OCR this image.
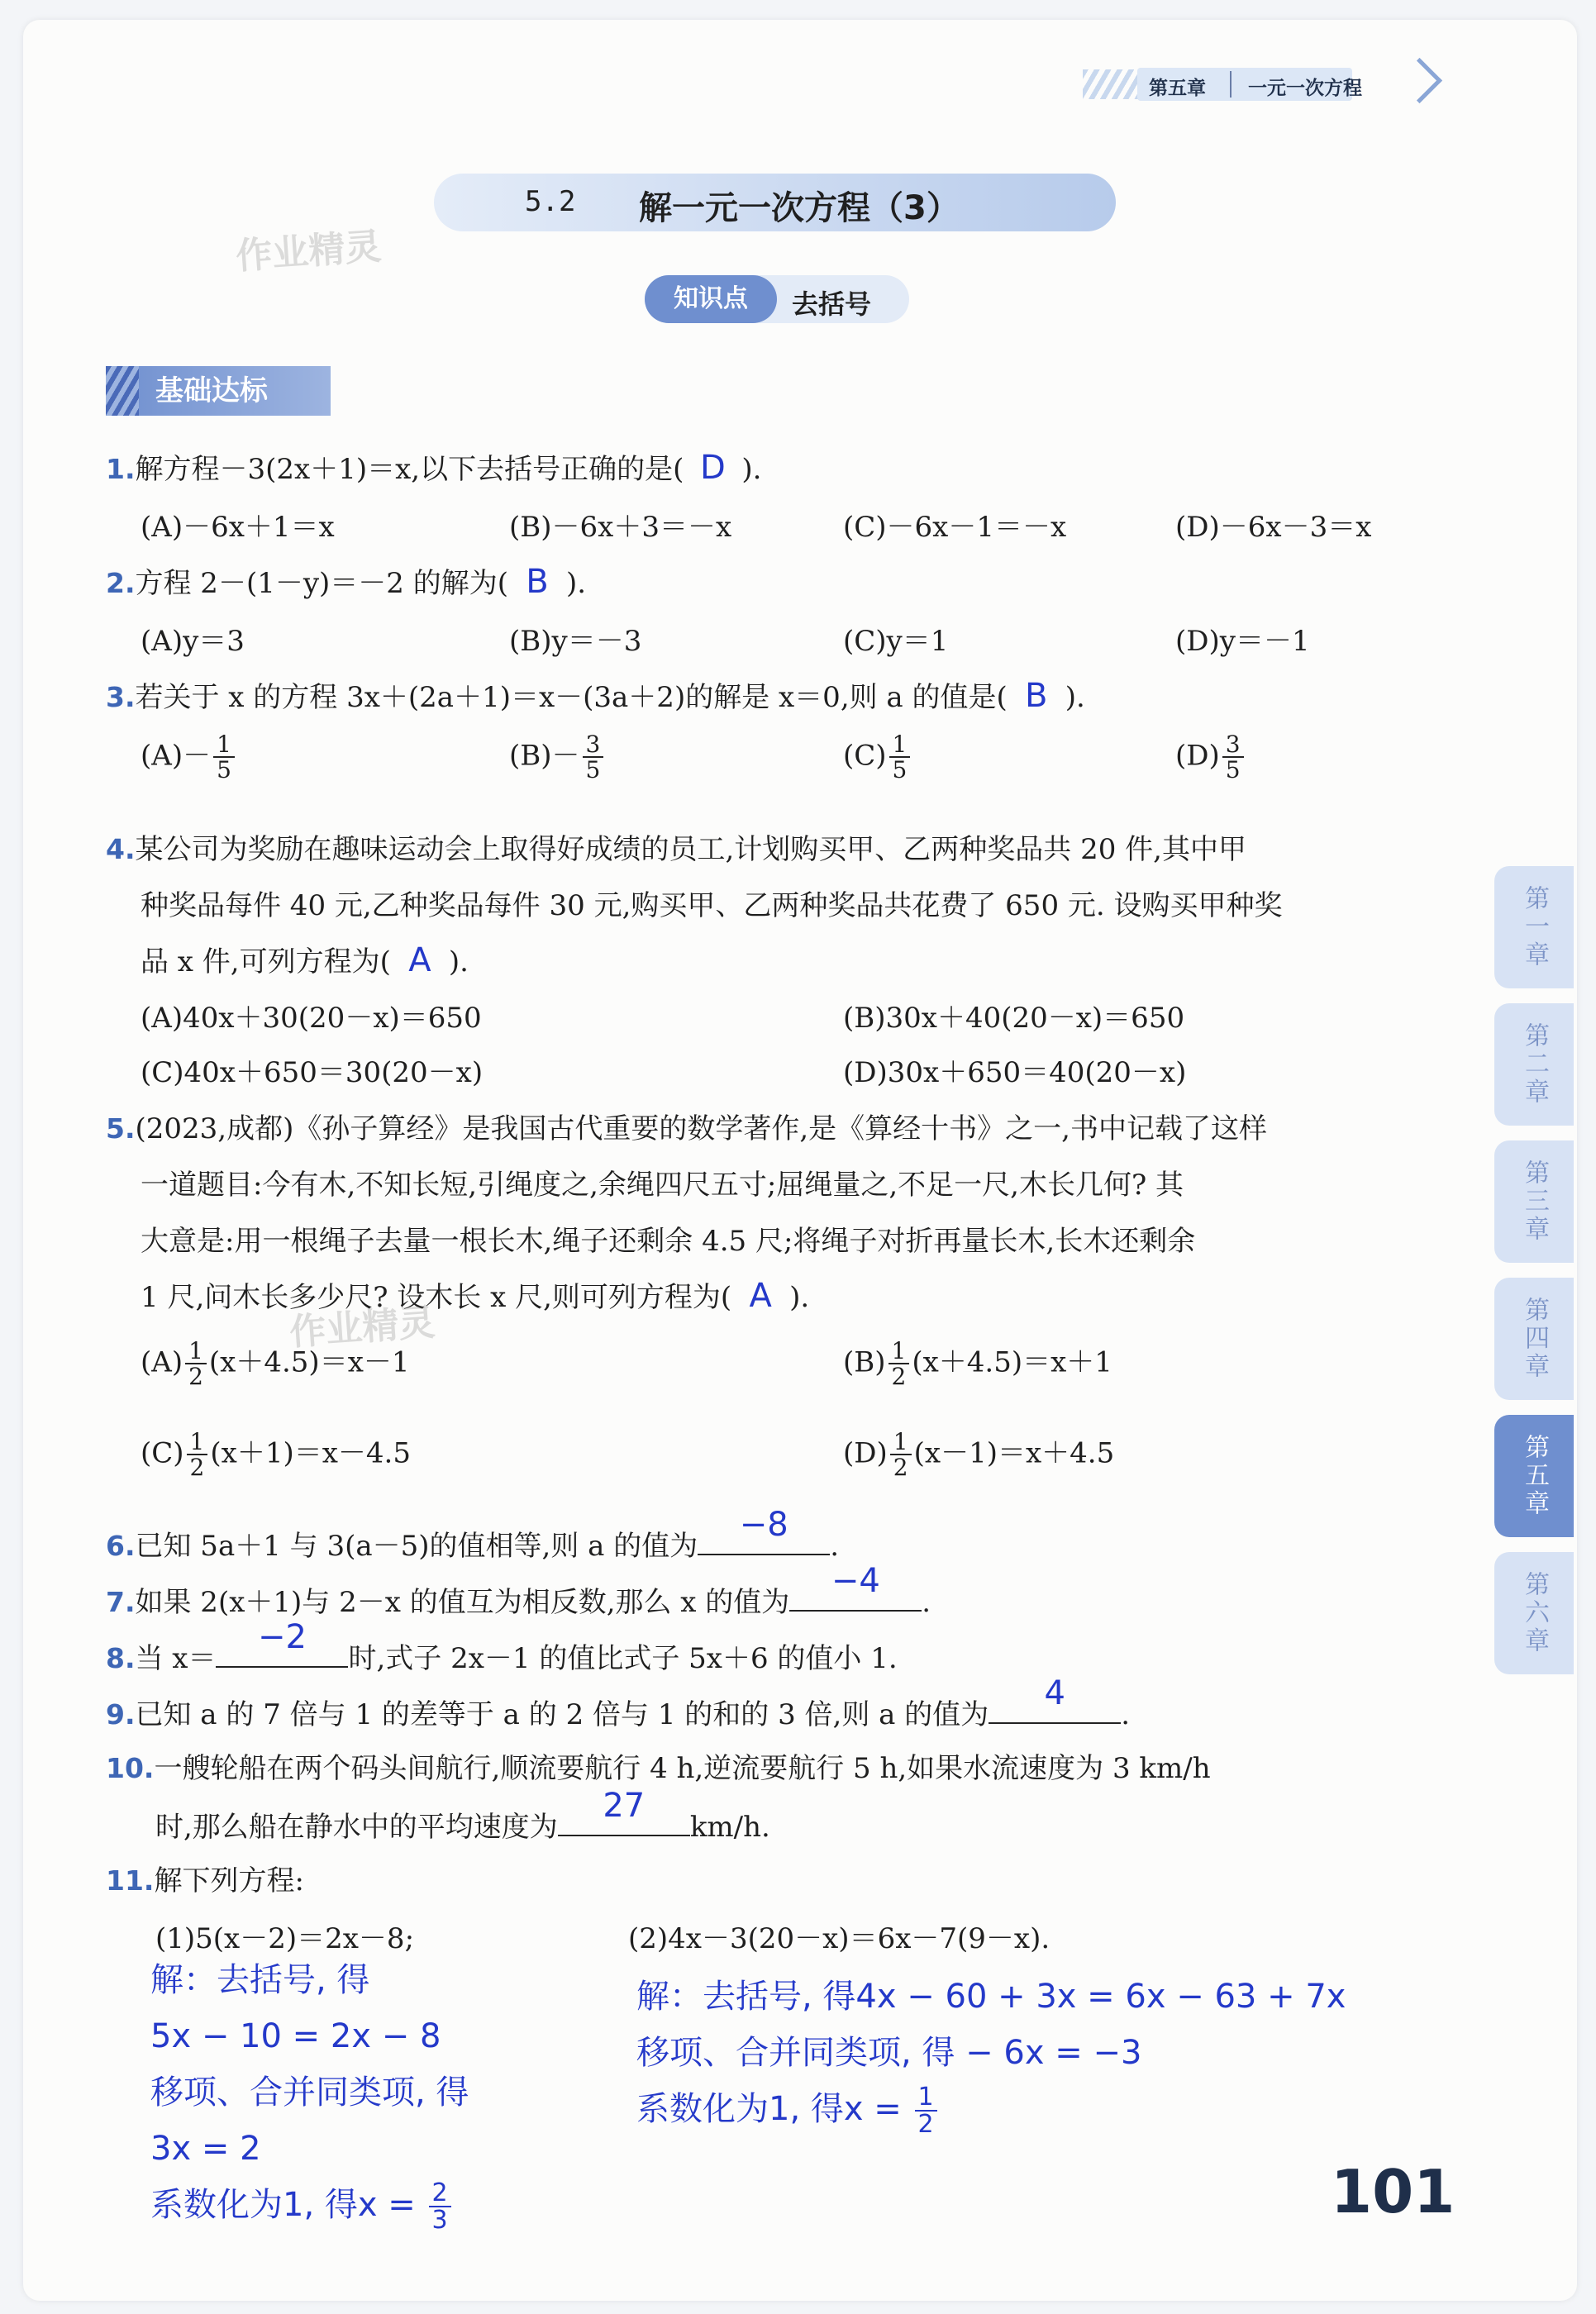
第五章 一元一次方程
5.2 解一元一次方程（3）
作业精灵
知识点	去括号
基础达标
1.解方程－3(2x＋1)＝x,以下去括号正确的是( D ).
(A)－6x＋1＝x	(B)－6x＋3＝－x	(C)－6x－1＝－x	(D)－6x－3＝x
2.方程 2－(1－y)＝－2 的解为( B ).
(A)y＝3	(B)y＝－3	(C)y＝1	(D)y＝－1
3.若关于 x 的方程 3x＋(2a＋1)＝x－(3a＋2)的解是 x＝0,则 a 的值是( B ).
$(A)- \frac{1}{5}$	$(B)- \frac{3}{5}$	$(C) \frac{1}{5}$	$(D) \frac{3}{5}$
4.某公司为奖励在趣味运动会上取得好成绩的员工,计划购买甲、乙两种奖品共 20 件,其中甲
种奖品每件 40 元,乙种奖品每件 30 元,购买甲、乙两种奖品共花费了 650 元. 设购买甲种奖
品 x 件,可列方程为( A ).
(A)40x＋30(20－x)＝650	(B)30x＋40(20－x)＝650
(C)40x＋650＝30(20－x)	(D)30x＋650＝40(20－x)
5.(2023,成都)《孙子算经》是我国古代重要的数学著作,是《算经十书》之一,书中记载了这样
一道题目:今有木,不知长短,引绳度之,余绳四尺五寸;屈绳量之,不足一尺,木长几何? 其
大意是:用一根绳子去量一根长木,绳子还剩余 4.5 尺;将绳子对折再量长木,长木还剩余
1 尺,问木长多少尺? 设木长 x 尺,则可列方程为( A ).
作业精灵
$(A) \frac{1}{2} (x+4.5)=x-1$	$(B) \frac{1}{2} (x+4.5)=x+1$
$(C) \frac{1}{2} (x+1)=x-4.5$	$(D) \frac{1}{2} (x-1)=x+4.5$
6.已知 5a＋1 与 3(a－5)的值相等,则 a 的值为
−8
.
7.如果 2(x＋1)与 2－x 的值互为相反数,那么 x 的值为
−4
.
8.当 x＝
−2
时,式子 2x－1 的值比式子 5x＋6 的值小 1.
9.已知 a 的 7 倍与 1 的差等于 a 的 2 倍与 1 的和的 3 倍,则 a 的值为
4
.
10.一艘轮船在两个码头间航行,顺流要航行 4 h,逆流要航行 5 h,如果水流速度为 3 km/h
时,那么船在静水中的平均速度为
27
km/h.
11.解下列方程:
(1)5(x－2)＝2x－8;	(2)4x－3(20－x)＝6x－7(9－x).
解：去括号, 得
5x − 10 = 2x − 8
移项、合并同类项, 得
3x = 2
系数化为1, 得$x = \frac{2}{3}$
解：去括号, 得4x − 60 + 3x = 6x − 63 + 7x
移项、合并同类项, 得 − 6x = −3
系数化为1, 得$x = \frac{1}{2}$
第一章
第二章
第三章
第四章
第五章
第六章
101
